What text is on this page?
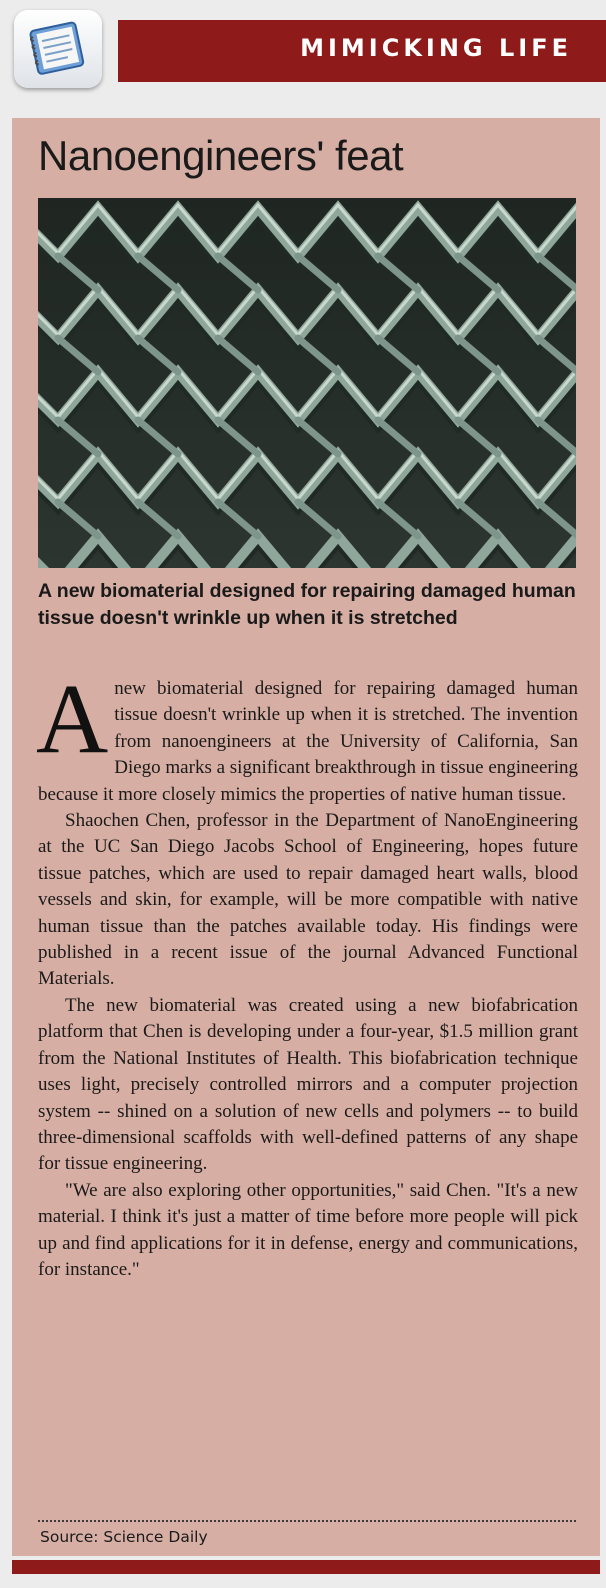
MIMICKING LIFE
Nanoengineers' feat
A new biomaterial designed for repairing damaged human tissue doesn't wrinkle up when it is stretched

Anew biomaterial designed for repairing damaged human tissue doesn't wrinkle up when it is stretched. The invention from nanoengineers at the University of California, San Diego marks a significant breakthrough in tissue engineering because it more closely mimics the properties of native human tissue.

Shaochen Chen, professor in the Department of NanoEngineering at the UC San Diego Jacobs School of Engineering, hopes future tissue patches, which are used to repair damaged heart walls, blood vessels and skin, for example, will be more compatible with native human tissue than the patches available today. His findings were published in a recent issue of the journal Advanced Functional Materials.

The new biomaterial was created using a new biofabrication platform that Chen is developing under a four-year, $1.5 million grant from the National Institutes of Health. This biofabrication technique uses light, precisely controlled mirrors and a computer projection system -- shined on a solution of new cells and polymers -- to build three-dimensional scaffolds with well-defined patterns of any shape for tissue engineering.

"We are also exploring other opportunities," said Chen. "It's a new material. I think it's just a matter of time before more people will pick up and find applications for it in defense, energy and communications, for instance."

Source: Science Daily
